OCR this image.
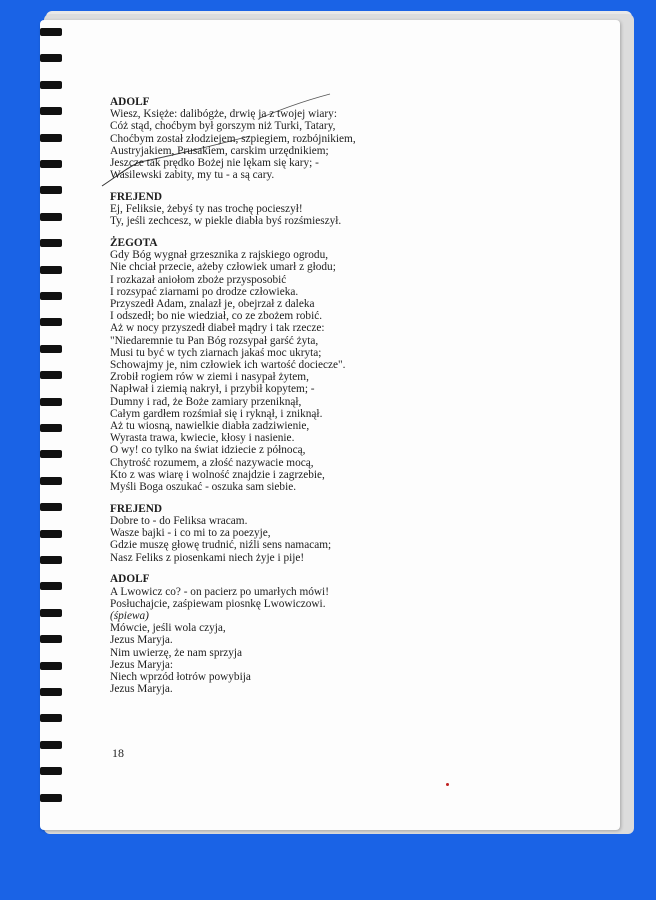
ADOLF
Wiesz, Księże: dalibógże, drwię ja z twojej wiary:
Cóż stąd, choćbym był gorszym niż Turki, Tatary,
Choćbym został złodziejem, szpiegiem, rozbójnikiem,
Austryjakiem, Prusakiem, carskim urzędnikiem;
Jeszcze tak prędko Bożej nie lękam się kary; -
Wasilewski zabity, my tu - a są cary.
FREJEND
Ej, Feliksie, żebyś ty nas trochę pocieszył!
Ty, jeśli zechcesz, w piekle diabła byś rozśmieszył.
ŻEGOTA
Gdy Bóg wygnał grzesznika z rajskiego ogrodu,
Nie chciał przecie, ażeby człowiek umarł z głodu;
I rozkazał aniołom zboże przysposobić
I rozsypać ziarnami po drodze człowieka.
Przyszedł Adam, znalazł je, obejrzał z daleka
I odszedł; bo nie wiedział, co ze zbożem robić.
Aż w nocy przyszedł diabeł mądry i tak rzecze:
"Niedaremnie tu Pan Bóg rozsypał garść żyta,
Musi tu być w tych ziarnach jakaś moc ukryta;
Schowajmy je, nim człowiek ich wartość docieczе".
Zrobił rogiem rów w ziemi i nasypał żytem,
Napłwał i ziemią nakrył, i przybił kopytem; -
Dumny i rad, że Boże zamiary przeniknął,
Całym gardłem rozśmiał się i ryknął, i zniknął.
Aż tu wiosną, nawielkie diabła zadziwienie,
Wyrasta trawa, kwiecie, kłosy i nasienie.
O wy! co tylko na świat idziecie z północą,
Chytrość rozumem, a złość nazywacie mocą,
Kto z was wiarę i wolność znajdzie i zagrzebie,
Myśli Boga oszukać - oszuka sam siebie.
FREJEND
Dobre to - do Feliksa wracam.
Wasze bajki - i co mi to za poezyje,
Gdzie muszę głowę trudnić, niźli sens namacam;
Nasz Feliks z piosenkami niech żyje i pije!
ADOLF
A Lwowicz co? - on pacierz po umarłych mówi!
Posłuchajcie, zaśpiewam piosnkę Lwowiczowi.
(śpiewa)
Mówcie, jeśli wola czyja,
Jezus Maryja.
Nim uwierzę, że nam sprzyja
Jezus Maryja:
Niech wprzód łotrów powybija
Jezus Maryja.
18
